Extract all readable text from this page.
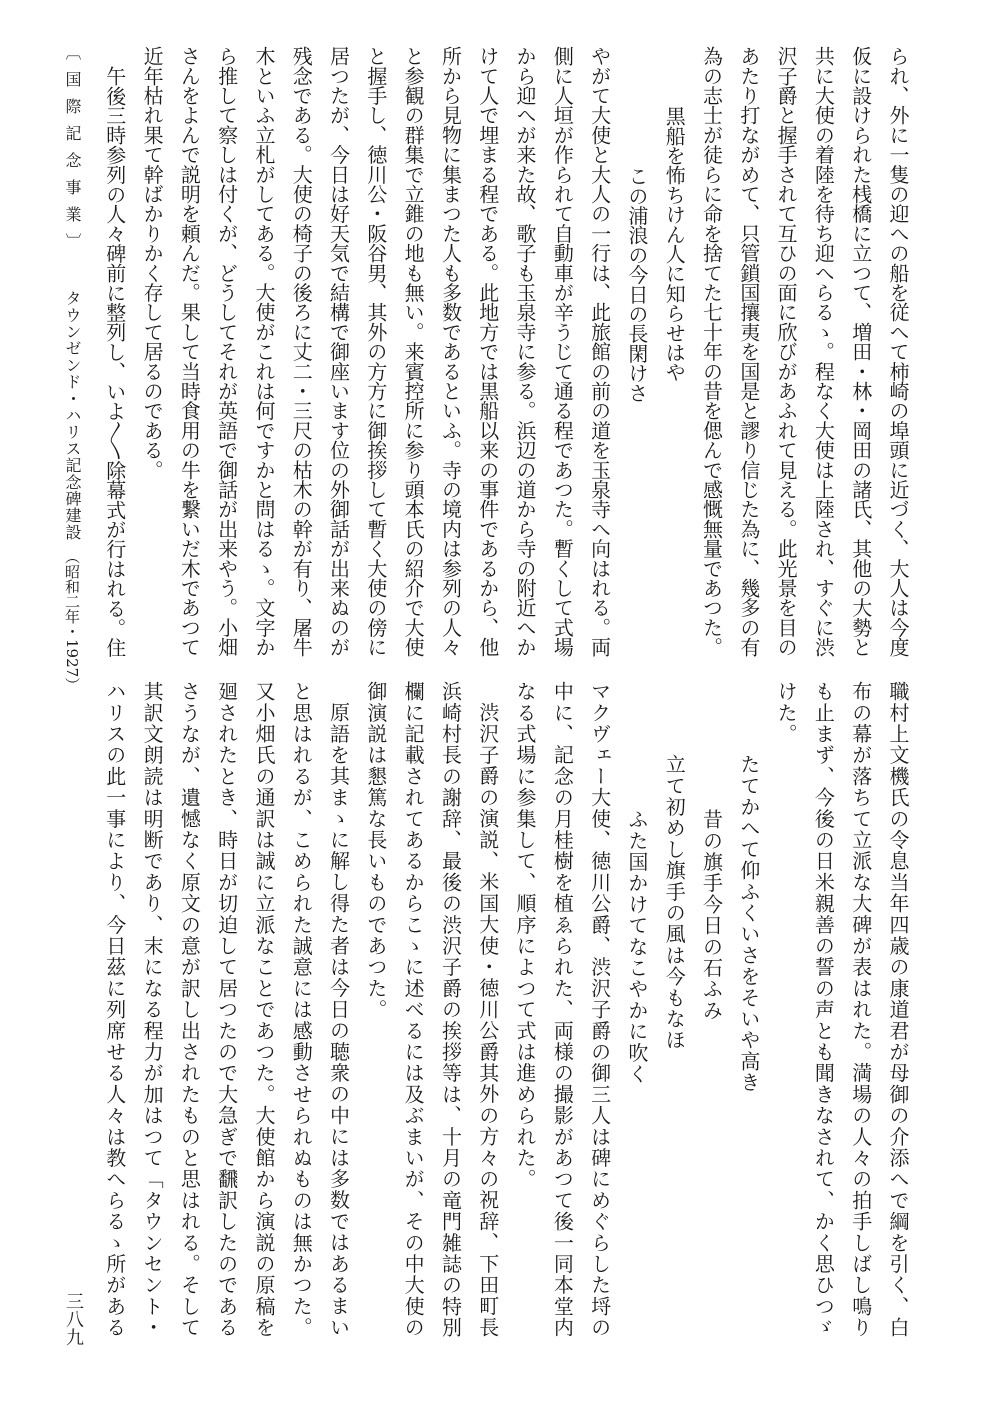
られ、外に一隻の迎への船を従へて柿崎の埠頭に近づく、大人は今度

仮に設けられた桟橋に立つて、増田・林・岡田の諸氏、其他の大勢と

共に大使の着陸を待ち迎へらるゝ。程なく大使は上陸され、すぐに渋

沢子爵と握手されて互ひの面に欣びがあふれて見える。此光景を目の

あたり打ながめて、只管鎖国攘夷を国是と謬り信じた為に、幾多の有

為の志士が徒らに命を捨てた七十年の昔を偲んで感慨無量であつた。

黒船を怖ちけん人に知らせはや

この浦浪の今日の長閑けさ

やがて大使と大人の一行は、此旅館の前の道を玉泉寺へ向はれる。両

側に人垣が作られて自動車が辛うじて通る程であつた。暫くして式場

から迎へが来た故、歌子も玉泉寺に参る。浜辺の道から寺の附近へか

けて人で埋まる程である。此地方では黒船以来の事件であるから、他

所から見物に集まつた人も多数であるといふ。寺の境内は参列の人々

と参観の群集で立錐の地も無い。来賓控所に参り頭本氏の紹介で大使

と握手し、徳川公・阪谷男、其外の方方に御挨拶して暫く大使の傍に

居つたが、今日は好天気で結構で御座います位の外御話が出来ぬのが

残念である。大使の椅子の後ろに丈二・三尺の枯木の幹が有り、屠牛

木といふ立札がしてある。大使がこれは何ですかと問はるゝ。文字か

ら推して察しは付くが、どうしてそれが英語で御話が出来やう。小畑

さんをよんで説明を頼んだ。果して当時食用の牛を繋いだ木であつて

近年枯れ果て幹ばかりかく存して居るのである。

午後三時参列の人々碑前に整列し、いよ〳〵除幕式が行はれる。住

職村上文機氏の令息当年四歳の康道君が母御の介添へで綱を引く、白

布の幕が落ちて立派な大碑が表はれた。満場の人々の拍手しばし鳴り

も止まず、今後の日米親善の誓の声とも聞きなされて、かく思ひつゞ

けた。

たてかへて仰ふくいさをそいや高き

昔の旗手今日の石ふみ

立て初めし旗手の風は今もなほ

ふた国かけてなこやかに吹く

マクヴェー大使、徳川公爵、渋沢子爵の御三人は碑にめぐらした埒の

中に、記念の月桂樹を植ゑられた、両様の撮影があつて後一同本堂内

なる式場に参集して、順序によつて式は進められた。

渋沢子爵の演説、米国大使・徳川公爵其外の方々の祝辞、下田町長

浜崎村長の謝辞、最後の渋沢子爵の挨拶等は、十月の竜門雑誌の特別

欄に記載されてあるからこゝに述べるには及ぶまいが、その中大使の

御演説は懇篤な長いものであつた。

原語を其まゝに解し得た者は今日の聴衆の中には多数ではあるまい

と思はれるが、こめられた誠意には感動させられぬものは無かつた。

又小畑氏の通訳は誠に立派なことであつた。大使館から演説の原稿を

廻されたとき、時日が切迫して居つたので大急ぎで飜訳したのである

さうなが、遺憾なく原文の意が訳し出されたものと思はれる。そして

其訳文朗読は明断であり、末になる程力が加はつて「タウンセント・

ハリスの此一事により、今日茲に列席せる人々は教へらるゝ所がある

〔国際記念事業〕タウンゼンド・ハリス記念碑建設（昭和二年・1927）
三八九
